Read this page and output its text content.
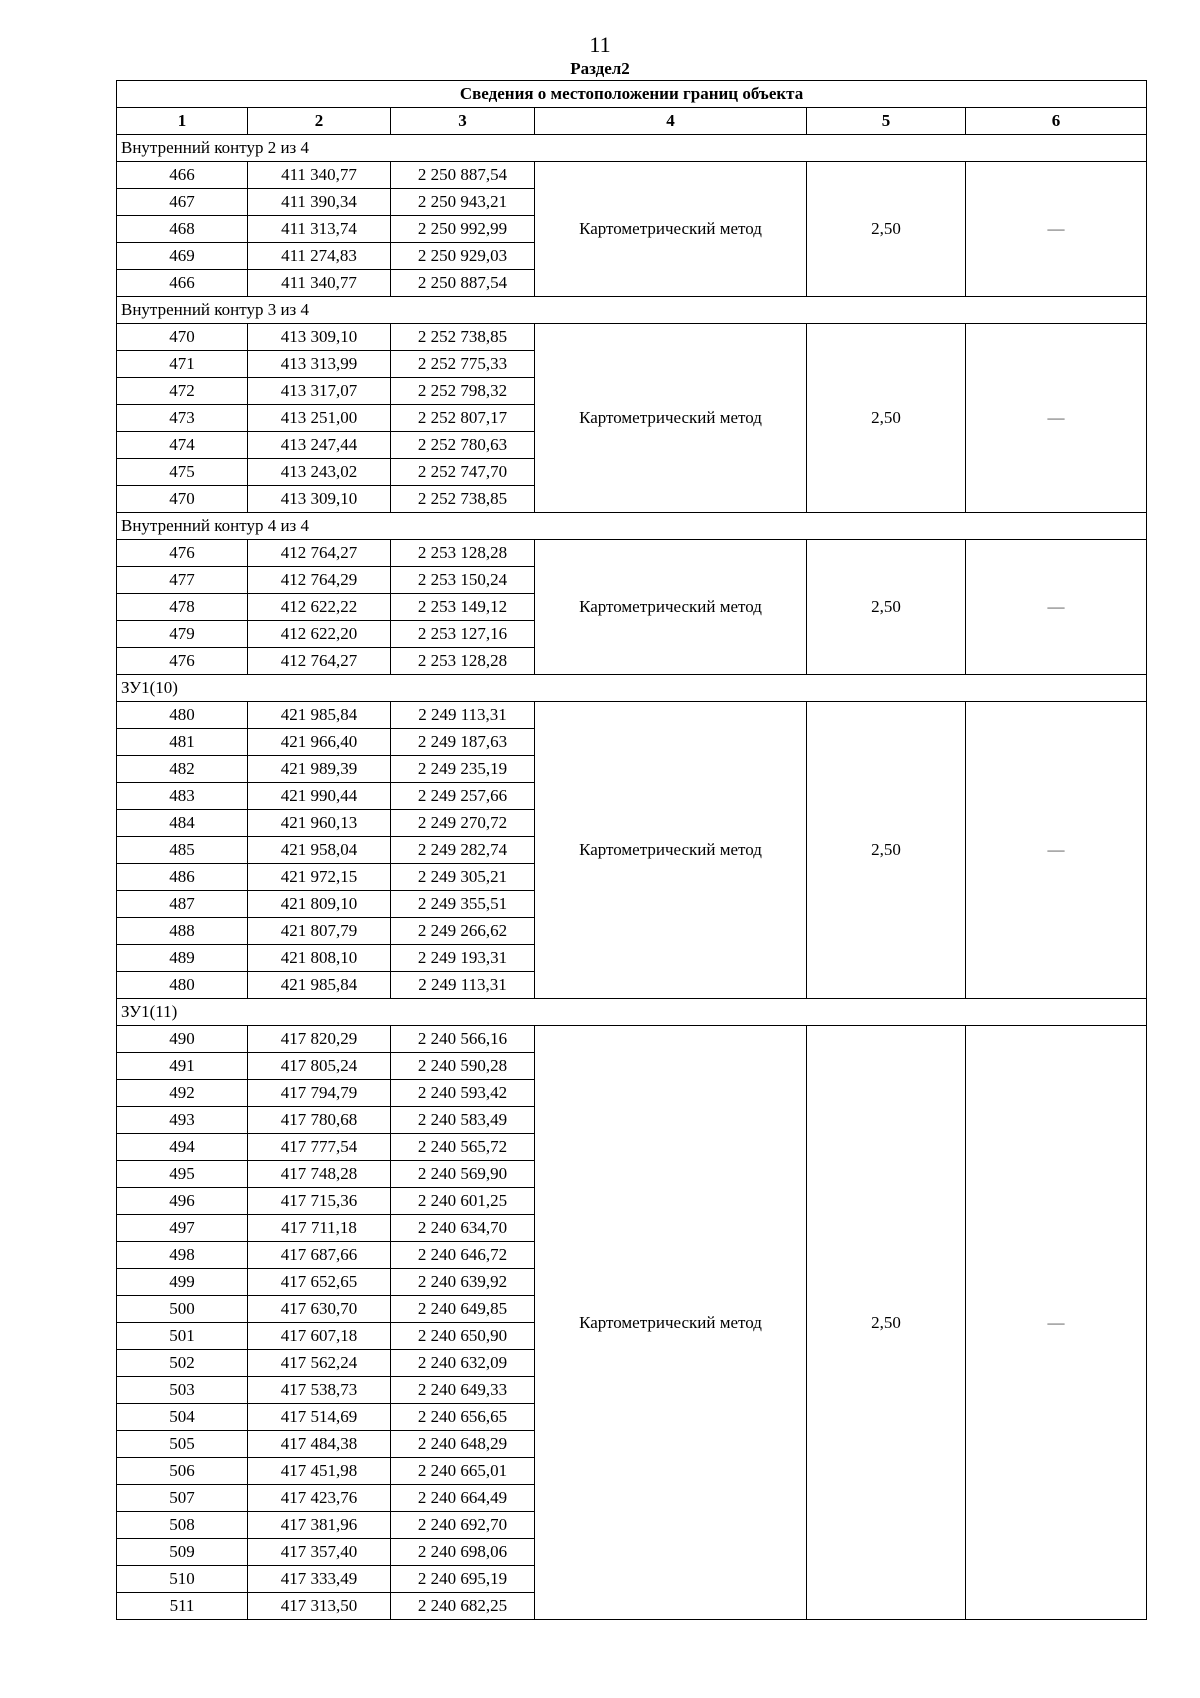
11
Раздел2
Сведения о местоположении границ объекта					
1	2	3	4	5	6
Внутренний контур 2 из 4					
466	411 340,77	2 250 887,54	Картометрический метод	2,50	—
467	411 390,34	2 250 943,21			
468	411 313,74	2 250 992,99			
469	411 274,83	2 250 929,03			
466	411 340,77	2 250 887,54			
Внутренний контур 3 из 4					
470	413 309,10	2 252 738,85	Картометрический метод	2,50	—
471	413 313,99	2 252 775,33			
472	413 317,07	2 252 798,32			
473	413 251,00	2 252 807,17			
474	413 247,44	2 252 780,63			
475	413 243,02	2 252 747,70			
470	413 309,10	2 252 738,85			
Внутренний контур 4 из 4					
476	412 764,27	2 253 128,28	Картометрический метод	2,50	—
477	412 764,29	2 253 150,24			
478	412 622,22	2 253 149,12			
479	412 622,20	2 253 127,16			
476	412 764,27	2 253 128,28			
ЗУ1(10)					
480	421 985,84	2 249 113,31	Картометрический метод	2,50	—
481	421 966,40	2 249 187,63			
482	421 989,39	2 249 235,19			
483	421 990,44	2 249 257,66			
484	421 960,13	2 249 270,72			
485	421 958,04	2 249 282,74			
486	421 972,15	2 249 305,21			
487	421 809,10	2 249 355,51			
488	421 807,79	2 249 266,62			
489	421 808,10	2 249 193,31			
480	421 985,84	2 249 113,31			
ЗУ1(11)					
490	417 820,29	2 240 566,16	Картометрический метод	2,50	—
491	417 805,24	2 240 590,28			
492	417 794,79	2 240 593,42			
493	417 780,68	2 240 583,49			
494	417 777,54	2 240 565,72			
495	417 748,28	2 240 569,90			
496	417 715,36	2 240 601,25			
497	417 711,18	2 240 634,70			
498	417 687,66	2 240 646,72			
499	417 652,65	2 240 639,92			
500	417 630,70	2 240 649,85			
501	417 607,18	2 240 650,90			
502	417 562,24	2 240 632,09			
503	417 538,73	2 240 649,33			
504	417 514,69	2 240 656,65			
505	417 484,38	2 240 648,29			
506	417 451,98	2 240 665,01			
507	417 423,76	2 240 664,49			
508	417 381,96	2 240 692,70			
509	417 357,40	2 240 698,06			
510	417 333,49	2 240 695,19			
511	417 313,50	2 240 682,25			
